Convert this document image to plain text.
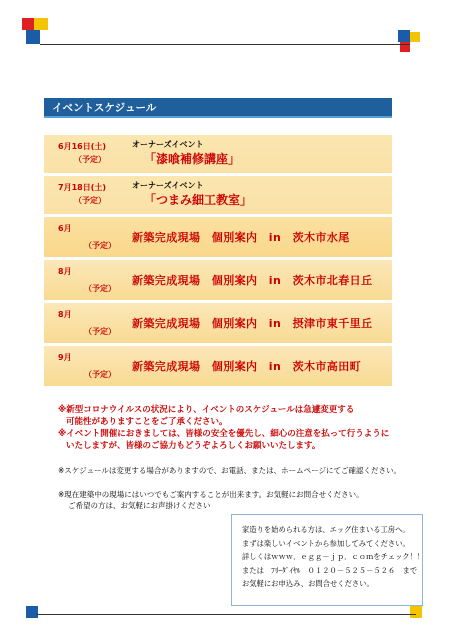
イベントスケジュール
6月16日(土)
（予定）
オーナーズイベント
「漆喰補修講座」
7月18日(土)
（予定）
オーナーズイベント
「つまみ細工教室」
6月
（予定）
新築完成現場　個別案内　in　茨木市水尾
8月
（予定）
新築完成現場　個別案内　in　茨木市北春日丘
8月
（予定）
新築完成現場　個別案内　in　摂津市東千里丘
9月
（予定）
新築完成現場　個別案内　in　茨木市高田町
※新型コロナウイルスの状況により、イベントのスケジュールは急遽変更する
可能性がありますことをご了承ください。
※イベント開催におきましては、皆様の安全を優先し、細心の注意を払って行うように
いたしますが、皆様のご協力もどうぞよろしくお願いいたします。
※スケジュールは変更する場合がありますので、お電話、または、ホームページにてご確認ください。
※現在建築中の現場にはいつでもご案内することが出来ます。お気軽にお問合せください。
ご希望の方は、お気軽にお声掛けください
家造りを始められる方は、エッグ住まいる工房へ。
まずは楽しいイベントから参加してみてください。
詳しくはｗｗｗ．ｅｇｇ－ｊｐ．ｃｏｍをチェック！！
または　ﾌﾘｰﾀﾞｲﾔﾙ　０１２０－５２５－５２６　まで
お気軽にお申込み、お問合せください。
